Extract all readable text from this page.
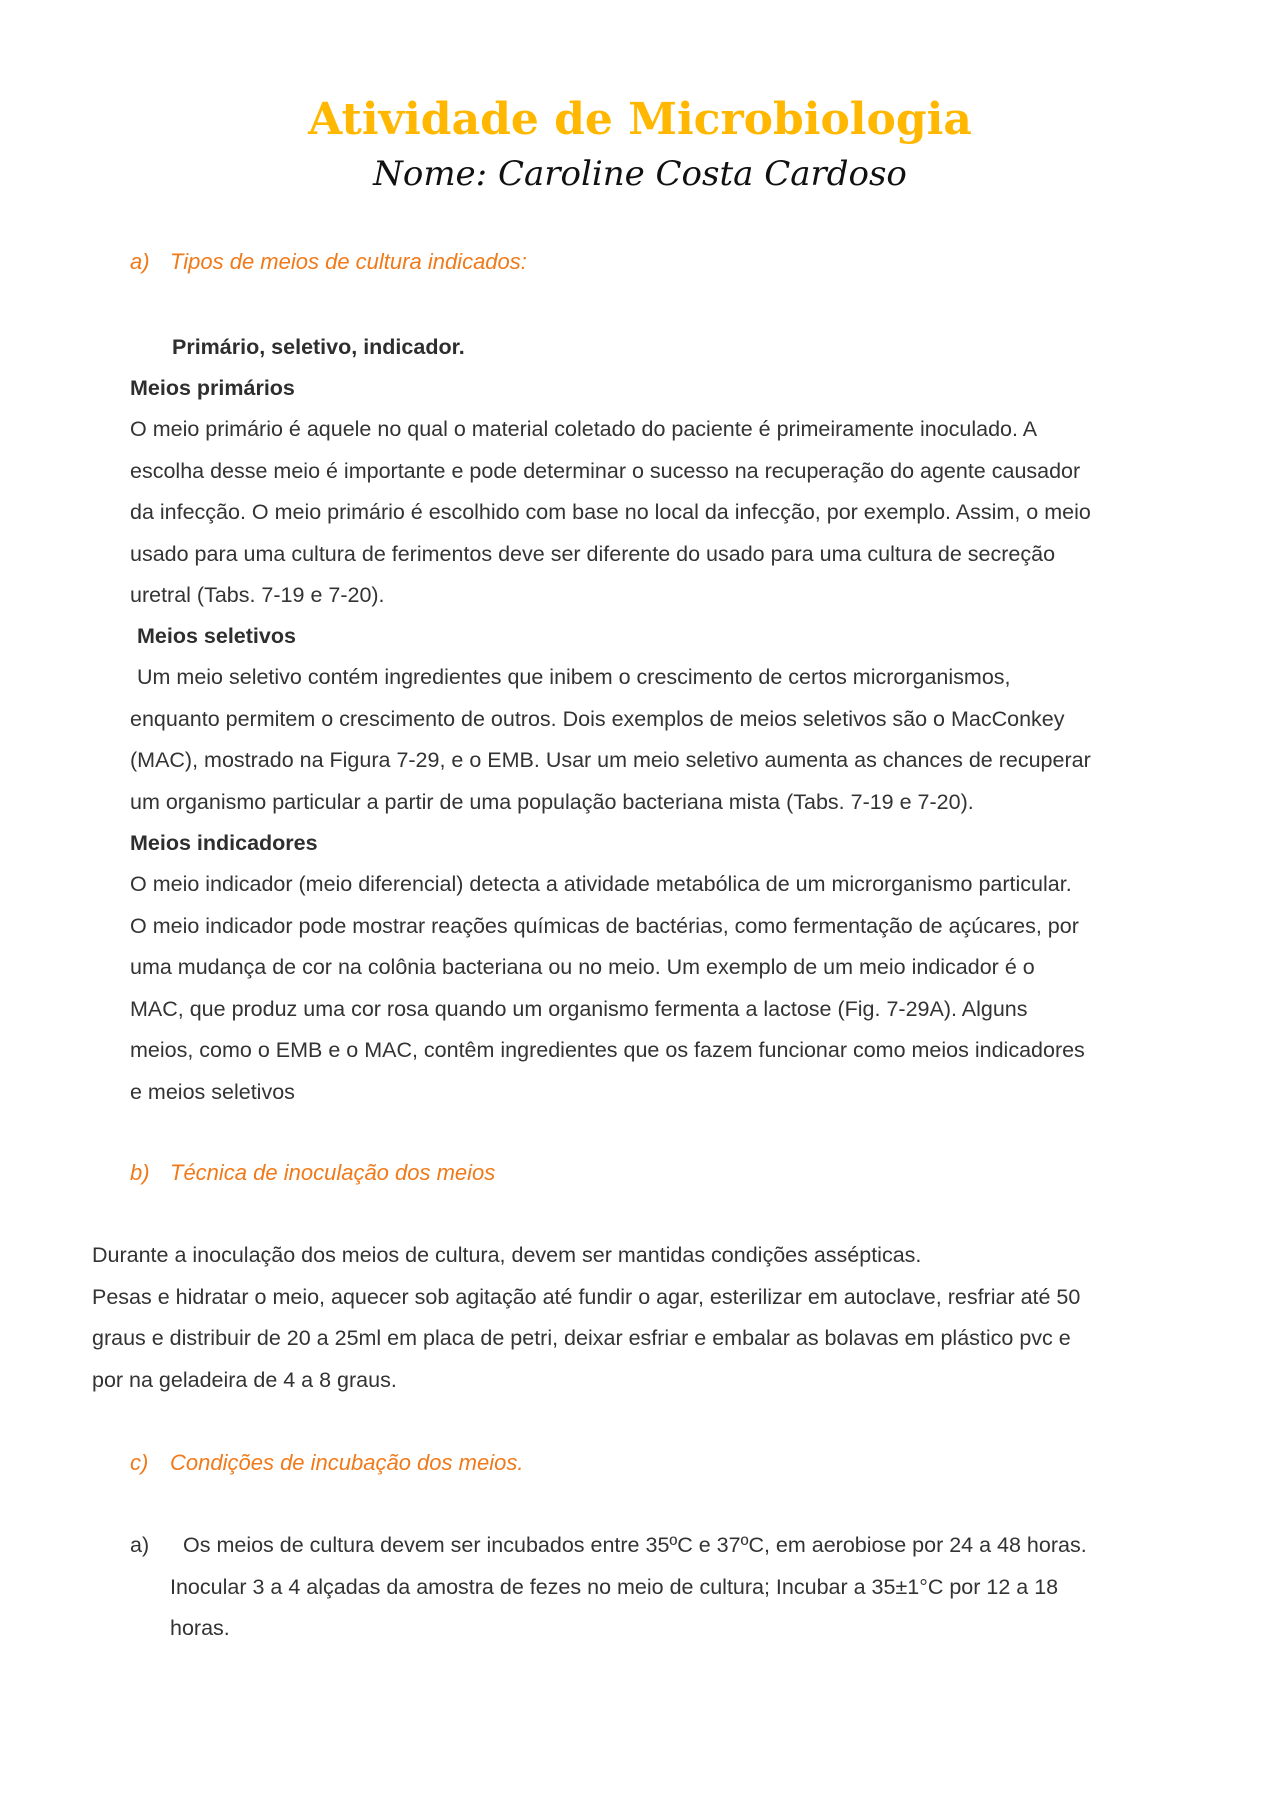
Atividade de Microbiologia
Nome: Caroline Costa Cardoso
a) Tipos de meios de cultura indicados:
Primário, seletivo, indicador.
Meios primários
O meio primário é aquele no qual o material coletado do paciente é primeiramente inoculado. A
escolha desse meio é importante e pode determinar o sucesso na recuperação do agente causador
da infecção. O meio primário é escolhido com base no local da infecção, por exemplo. Assim, o meio
usado para uma cultura de ferimentos deve ser diferente do usado para uma cultura de secreção
uretral (Tabs. 7-19 e 7-20).
Meios seletivos
Um meio seletivo contém ingredientes que inibem o crescimento de certos microrganismos,
enquanto permitem o crescimento de outros. Dois exemplos de meios seletivos são o MacConkey
(MAC), mostrado na Figura 7-29, e o EMB. Usar um meio seletivo aumenta as chances de recuperar
um organismo particular a partir de uma população bacteriana mista (Tabs. 7-19 e 7-20).
Meios indicadores
O meio indicador (meio diferencial) detecta a atividade metabólica de um microrganismo particular.
O meio indicador pode mostrar reações químicas de bactérias, como fermentação de açúcares, por
uma mudança de cor na colônia bacteriana ou no meio. Um exemplo de um meio indicador é o
MAC, que produz uma cor rosa quando um organismo fermenta a lactose (Fig. 7-29A). Alguns
meios, como o EMB e o MAC, contêm ingredientes que os fazem funcionar como meios indicadores
e meios seletivos
b) Técnica de inoculação dos meios
Durante a inoculação dos meios de cultura, devem ser mantidas condições assépticas.
Pesas e hidratar o meio, aquecer sob agitação até fundir o agar, esterilizar em autoclave, resfriar até 50
graus e distribuir de 20 a 25ml em placa de petri, deixar esfriar e embalar as bolavas em plástico pvc e
por na geladeira de 4 a 8 graus.
c) Condições de incubação dos meios.
a)	Os meios de cultura devem ser incubados entre 35ºC e 37ºC, em aerobiose por 24 a 48 horas.
Inocular 3 a 4 alçadas da amostra de fezes no meio de cultura; Incubar a 35±1°C por 12 a 18
horas.
